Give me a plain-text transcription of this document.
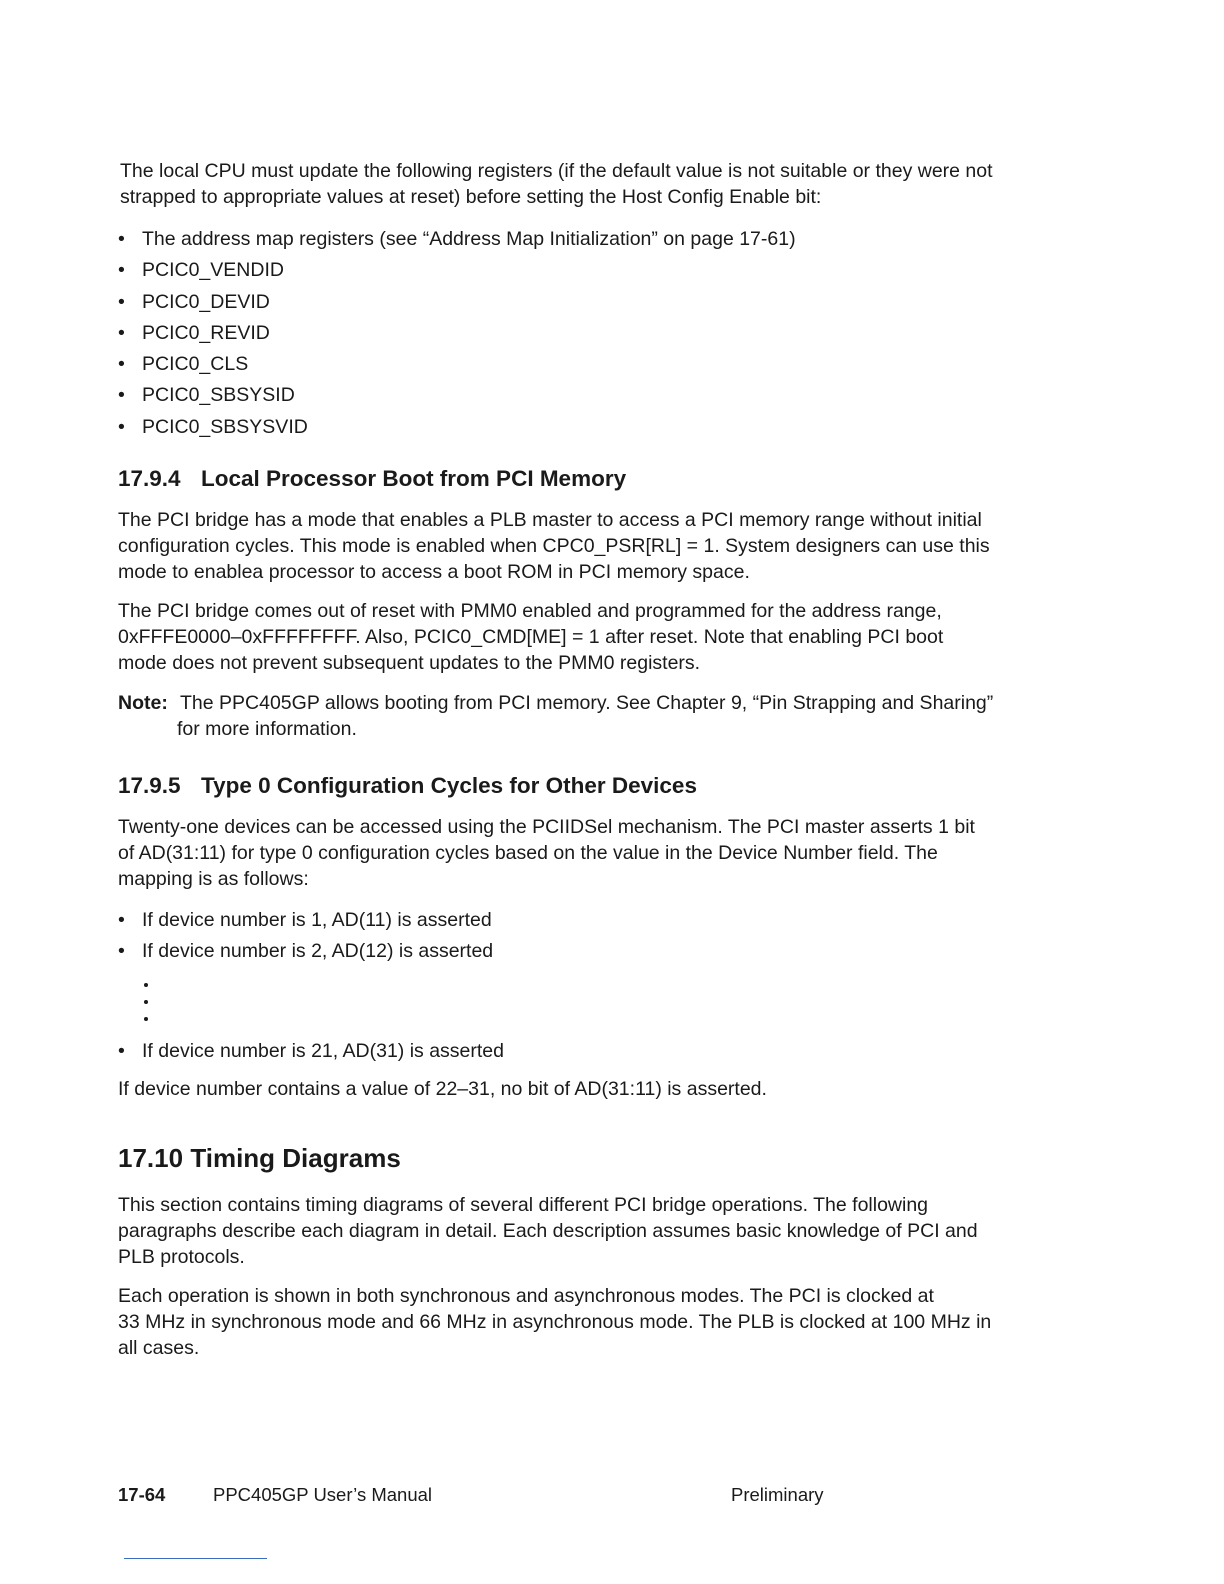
The local CPU must update the following registers (if the default value is not suitable or they were not
strapped to appropriate values at reset) before setting the Host Config Enable bit:

• The address map registers (see “Address Map Initialization” on page 17-61)
• PCIC0_VENDID
• PCIC0_DEVID
• PCIC0_REVID
• PCIC0_CLS
• PCIC0_SBSYSID
• PCIC0_SBSYSVID
17.9.4 Local Processor Boot from PCI Memory

The PCI bridge has a mode that enables a PLB master to access a PCI memory range without initial
configuration cycles. This mode is enabled when CPC0_PSR[RL] = 1. System designers can use this
mode to enablea processor to access a boot ROM in PCI memory space.

The PCI bridge comes out of reset with PMM0 enabled and programmed for the address range,
0xFFFE0000–0xFFFFFFFF. Also, PCIC0_CMD[ME] = 1 after reset. Note that enabling PCI boot
mode does not prevent subsequent updates to the PMM0 registers.

Note: The PPC405GP allows booting from PCI memory. See Chapter 9, “Pin Strapping and Sharing”
for more information.
17.9.5 Type 0 Configuration Cycles for Other Devices

Twenty-one devices can be accessed using the PCIIDSel mechanism. The PCI master asserts 1 bit
of AD(31:11) for type 0 configuration cycles based on the value in the Device Number field. The
mapping is as follows:

• If device number is 1, AD(11) is asserted
• If device number is 2, AD(12) is asserted
• If device number is 21, AD(31) is asserted

If device number contains a value of 22–31, no bit of AD(31:11) is asserted.

17.10 Timing Diagrams

This section contains timing diagrams of several different PCI bridge operations. The following
paragraphs describe each diagram in detail. Each description assumes basic knowledge of PCI and
PLB protocols.

Each operation is shown in both synchronous and asynchronous modes. The PCI is clocked at
33 MHz in synchronous mode and 66 MHz in asynchronous mode. The PLB is clocked at 100 MHz in
all cases.

17-64	PPC405GP User’s Manual	Preliminary
